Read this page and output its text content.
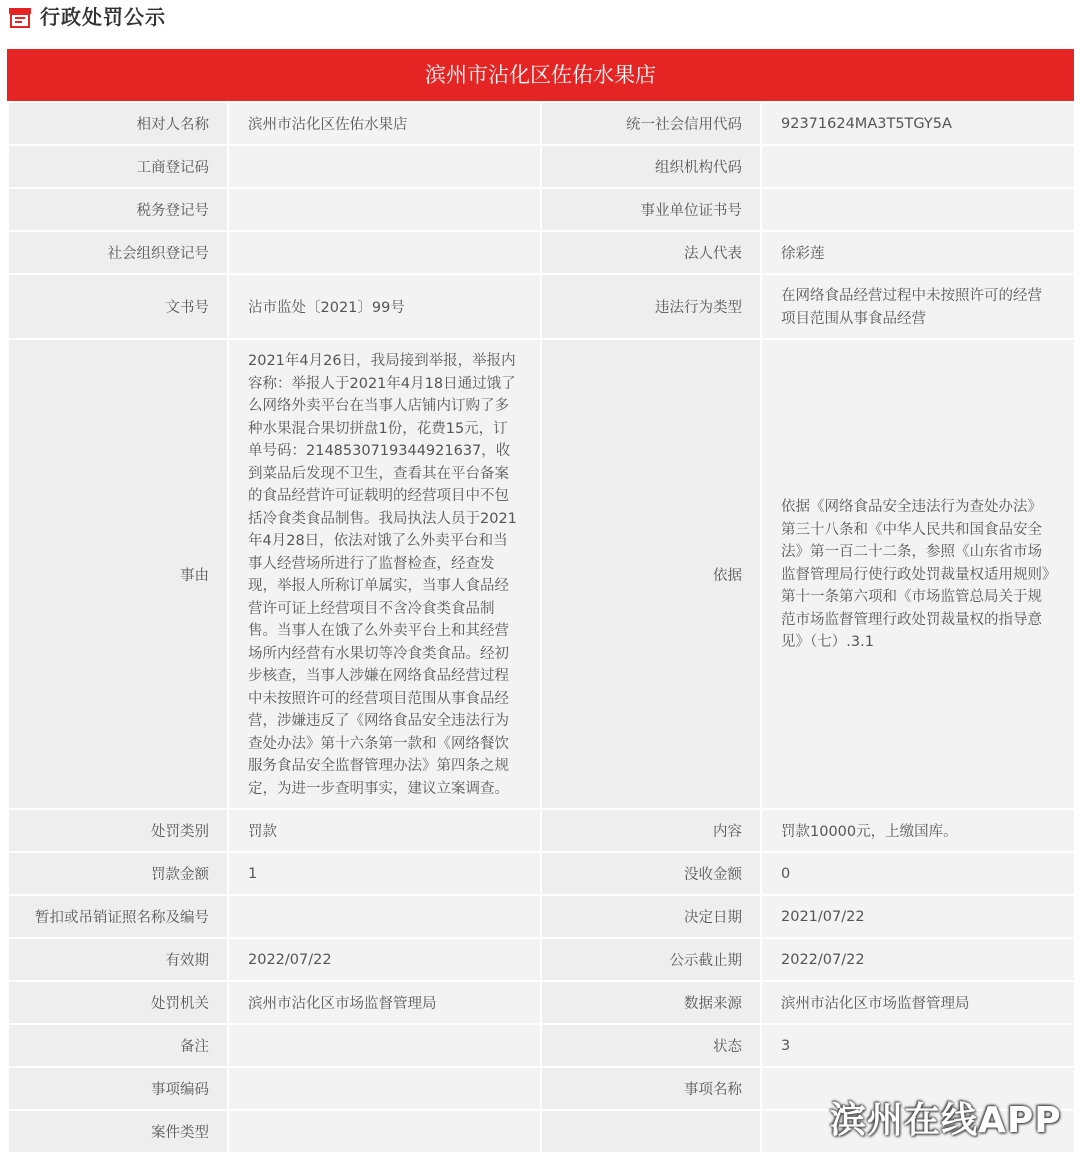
行政处罚公示
滨州市沾化区佐佑水果店
相对人名称	滨州市沾化区佐佑水果店	统一社会信用代码	92371624MA3T5TGY5A
工商登记码		组织机构代码	
税务登记号		事业单位证书号	
社会组织登记号		法人代表	徐彩莲
文书号	沾市监处〔2021〕99号	违法行为类型	在网络食品经营过程中未按照许可的经营项目范围从事食品经营
事由	2021年4月26日，我局接到举报，举报内容称：举报人于2021年4月18日通过饿了么网络外卖平台在当事人店铺内订购了多种水果混合果切拼盘1份，花费15元，订单号码：2148530719344921637，收到菜品后发现不卫生，查看其在平台备案的食品经营许可证载明的经营项目中不包括冷食类食品制售。我局执法人员于2021年4月28日，依法对饿了么外卖平台和当事人经营场所进行了监督检查，经查发现，举报人所称订单属实，当事人食品经营许可证上经营项目不含冷食类食品制售。当事人在饿了么外卖平台上和其经营场所内经营有水果切等冷食类食品。经初步核查，当事人涉嫌在网络食品经营过程中未按照许可的经营项目范围从事食品经营，涉嫌违反了《网络食品安全违法行为查处办法》第十六条第一款和《网络餐饮服务食品安全监督管理办法》第四条之规定，为进一步查明事实，建议立案调查。	依据	依据《网络食品安全违法行为查处办法》第三十八条和《中华人民共和国食品安全法》第一百二十二条，参照《山东省市场监督管理局行使行政处罚裁量权适用规则》第十一条第六项和《市场监管总局关于规范市场监督管理行政处罚裁量权的指导意见》（七）.3.1
处罚类别	罚款	内容	罚款10000元，上缴国库。
罚款金额	1	没收金额	0
暂扣或吊销证照名称及编号		决定日期	2021/07/22
有效期	2022/07/22	公示截止期	2022/07/22
处罚机关	滨州市沾化区市场监督管理局	数据来源	滨州市沾化区市场监督管理局
备注		状态	3
事项编码		事项名称	
案件类型				滨州在线APP
